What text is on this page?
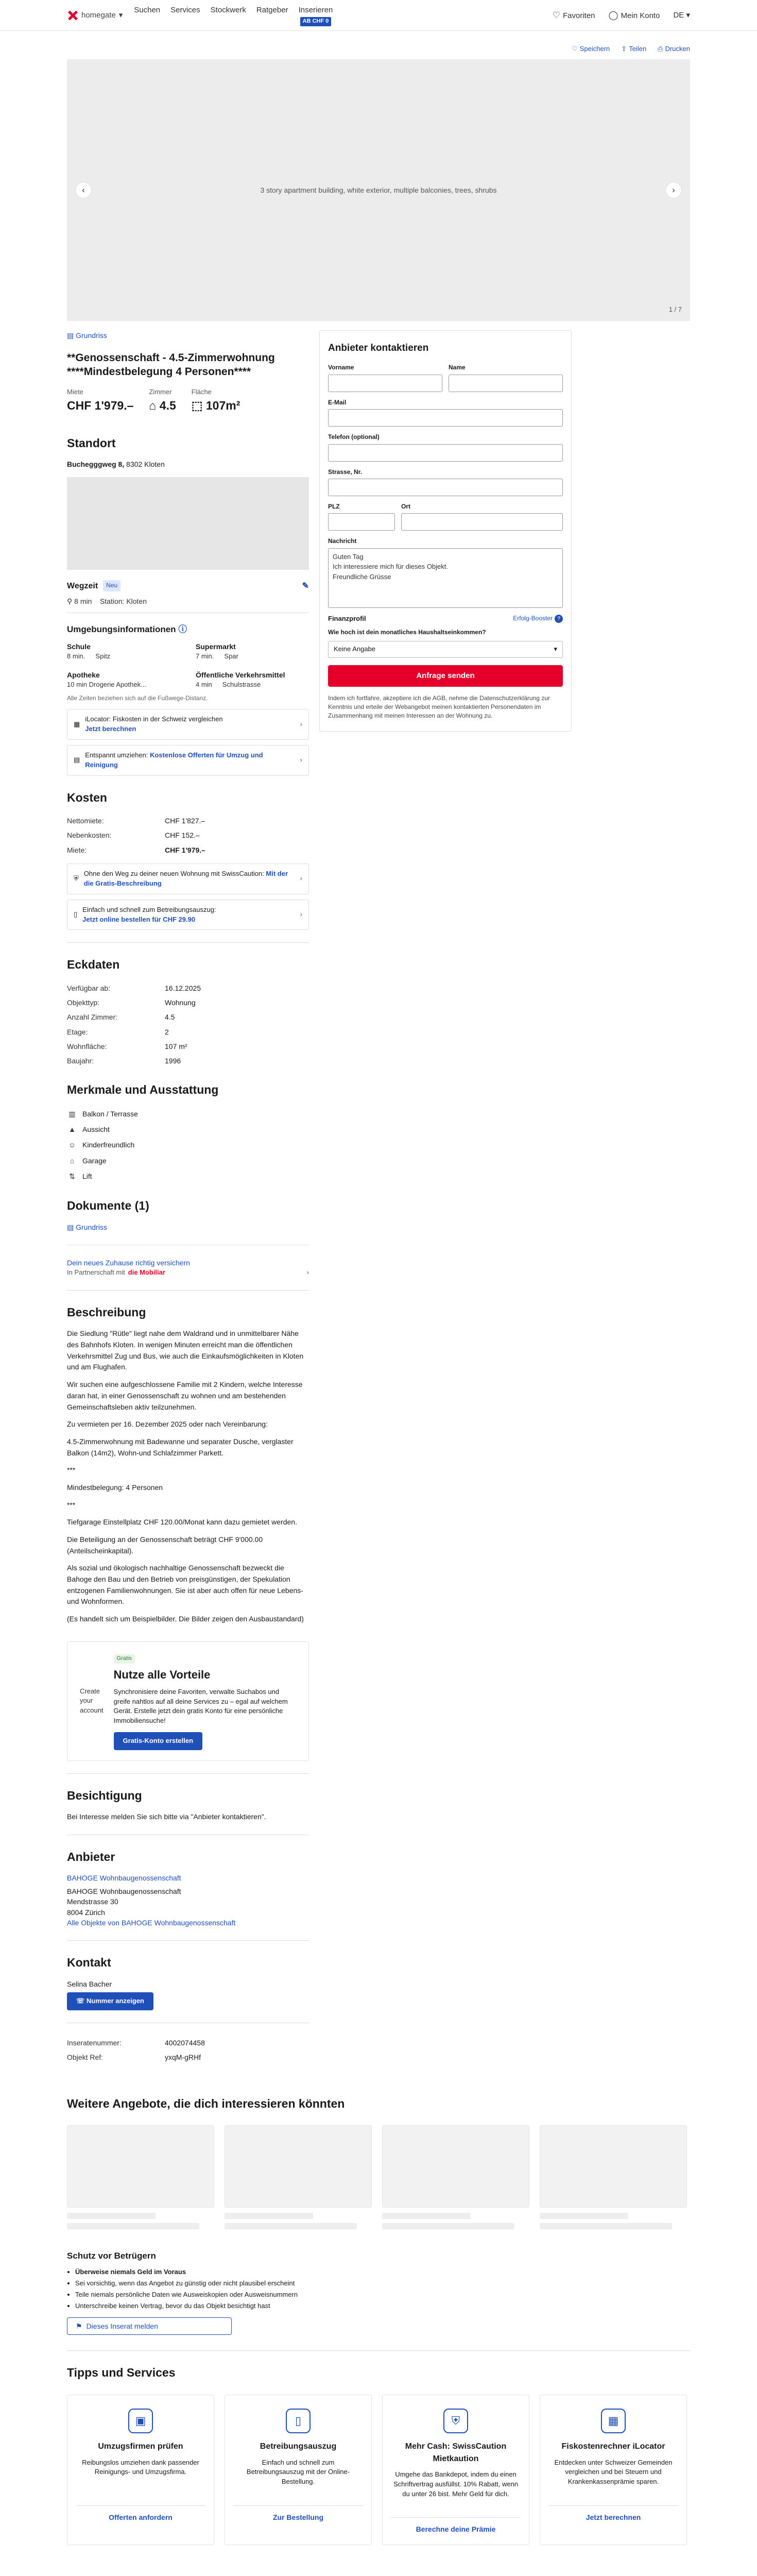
homegate ▾
Suchen Services Stockwerk Ratgeber Inserieren
AB CHF 0
♡ Favoriten ◯ Mein Konto DE ▾
♡ Speichern ⇪ Teilen ⎙ Drucken
3 story apartment building, white exterior, multiple balconies, trees, shrubs
‹	›
1 / 7
▤ Grundriss
**Genossenschaft - 4.5-Zimmerwohnung ****Mindestbelegung 4 Personen****
Miete
CHF 1'979.–
Zimmer
⌂ 4.5
Fläche
⬚ 107m²
Standort
Buchegggweg 8, 8302 Kloten
Wegzeit	Neu	✎
⚲ 8 min Station: Kloten
Umgebungsinformationen ⓘ
Schule
8 min. Spitz
Supermarkt
7 min. Spar
Apotheke
10 min Drogerie Apothek...
Öffentliche Verkehrsmittel
4 min Schulstrasse
Alle Zeiten beziehen sich auf die Fußwege-Distanz.
▦
iLocator: Fiskosten in der Schweiz vergleichen
Jetzt berechnen
›
▤
Entspannt umziehen: Kostenlose Offerten für Umzug und Reinigung
›
Kosten
Nettomiete:	CHF 1'827.–
Nebenkosten:	CHF 152.–
Miete:	CHF 1'979.–
⛨
Ohne den Weg zu deiner neuen Wohnung mit SwissCaution: Mit der die Gratis-Beschreibung
›
▯
Einfach und schnell zum Betreibungsauszug:
Jetzt online bestellen für CHF 29.90
›
Eckdaten
Verfügbar ab:	16.12.2025
Objekttyp:	Wohnung
Anzahl Zimmer:	4.5
Etage:	2
Wohnfläche:	107 m²
Baujahr:	1996
Merkmale und Ausstattung
▥ Balkon / Terrasse
▲ Aussicht
☺ Kinderfreundlich
⌂	Garage
⇅ Lift
Dokumente (1)
▤ Grundriss
Dein neues Zuhause richtig versichern
In Partnerschaft mit die Mobiliar	›
Beschreibung

Die Siedlung "Rütle" liegt nahe dem Waldrand und in unmittelbarer Nähe des Bahnhofs Kloten. In wenigen Minuten erreicht man die öffentlichen Verkehrsmittel Zug und Bus, wie auch die Einkaufsmöglichkeiten in Kloten und am Flughafen.

Wir suchen eine aufgeschlossene Familie mit 2 Kindern, welche Interesse daran hat, in einer Genossenschaft zu wohnen und am bestehenden Gemeinschaftsleben aktiv teilzunehmen.

Zu vermieten per 16. Dezember 2025 oder nach Vereinbarung:

4.5-Zimmerwohnung mit Badewanne und separater Dusche, verglaster Balkon (14m2), Wohn-und Schlafzimmer Parkett.

***

Mindestbelegung: 4 Personen

***

Tiefgarage Einstellplatz CHF 120.00/Monat kann dazu gemietet werden.

Die Beteiligung an der Genossenschaft beträgt CHF 9'000.00 (Anteilscheinkapital).

Als sozial und ökologisch nachhaltige Genossenschaft bezweckt die Bahoge den Bau und den Betrieb von preisgünstigen, der Spekulation entzogenen Familienwohnungen. Sie ist aber auch offen für neue Lebens- und Wohnformen.

(Es handelt sich um Beispielbilder. Die Bilder zeigen den Ausbaustandard)

Anbieter kontaktieren
Vorname	Name
E-Mail
Telefon (optional)
Strasse, Nr.
PLZ	Ort
Nachricht
Guten Tag
Ich interessiere mich für dieses Objekt.
Freundliche Grüsse
Finanzprofil	Erfolg-Booster ?
Wie hoch ist dein monatliches Haushaltseinkommen?
Keine Angabe	▾
Anfrage senden
Indem ich fortfahre, akzeptiere ich die AGB, nehme die Datenschutzerklärung zur Kenntnis und erteile der Webangebot meinen kontaktierten Personendaten im Zusammenhang mit meinen Interessen an der Wohnung zu.
Create your account
Gratis
Nutze alle Vorteile

Synchronisiere deine Favoriten, verwalte Suchabos und greife nahtlos auf all deine Services zu – egal auf welchem Gerät. Erstelle jetzt dein gratis Konto für eine persönliche Immobiliensuche!

Gratis-Konto erstellen
Besichtigung
Bei Interesse melden Sie sich bitte via "Anbieter kontaktieren".
Anbieter
BAHOGE Wohnbaugenossenschaft
BAHOGE Wohnbaugenossenschaft
Mendstrasse 30
8004 Zürich
Alle Objekte von BAHOGE Wohnbaugenossenschaft
Kontakt
Selina Bacher
☏ Nummer anzeigen
Inseratenummer:	4002074458
Objekt Ref:	yxqM-gRHf
Weitere Angebote, die dich interessieren könnten
Schutz vor Betrügern
• Überweise niemals Geld im Voraus
• Sei vorsichtig, wenn das Angebot zu günstig oder nicht plausibel erscheint
• Teile niemals persönliche Daten wie Ausweiskopien oder Ausweisnummern
• Unterschreibe keinen Vertrag, bevor du das Objekt besichtigt hast
⚑ Dieses Inserat melden
Tipps und Services
▣
Umzugsfirmen prüfen

Reibungslos umziehen dank passender Reinigungs- und Umzugsfirma.

Offerten anfordern
▯
Betreibungsauszug

Einfach und schnell zum Betreibungsauszug mit der Online-Bestellung.

Zur Bestellung
⛨
Mehr Cash: SwissCaution Mietkaution

Umgehe das Bankdepot, indem du einen Schriftvertrag ausfüllst. 10% Rabatt, wenn du unter 26 bist. Mehr Geld für dich.

Berechne deine Prämie
▦
Fiskostenrechner iLocator

Entdecken unter Schweizer Gemeinden vergleichen und bei Steuern und Krankenkassenprämie sparen.

Jetzt berechnen
